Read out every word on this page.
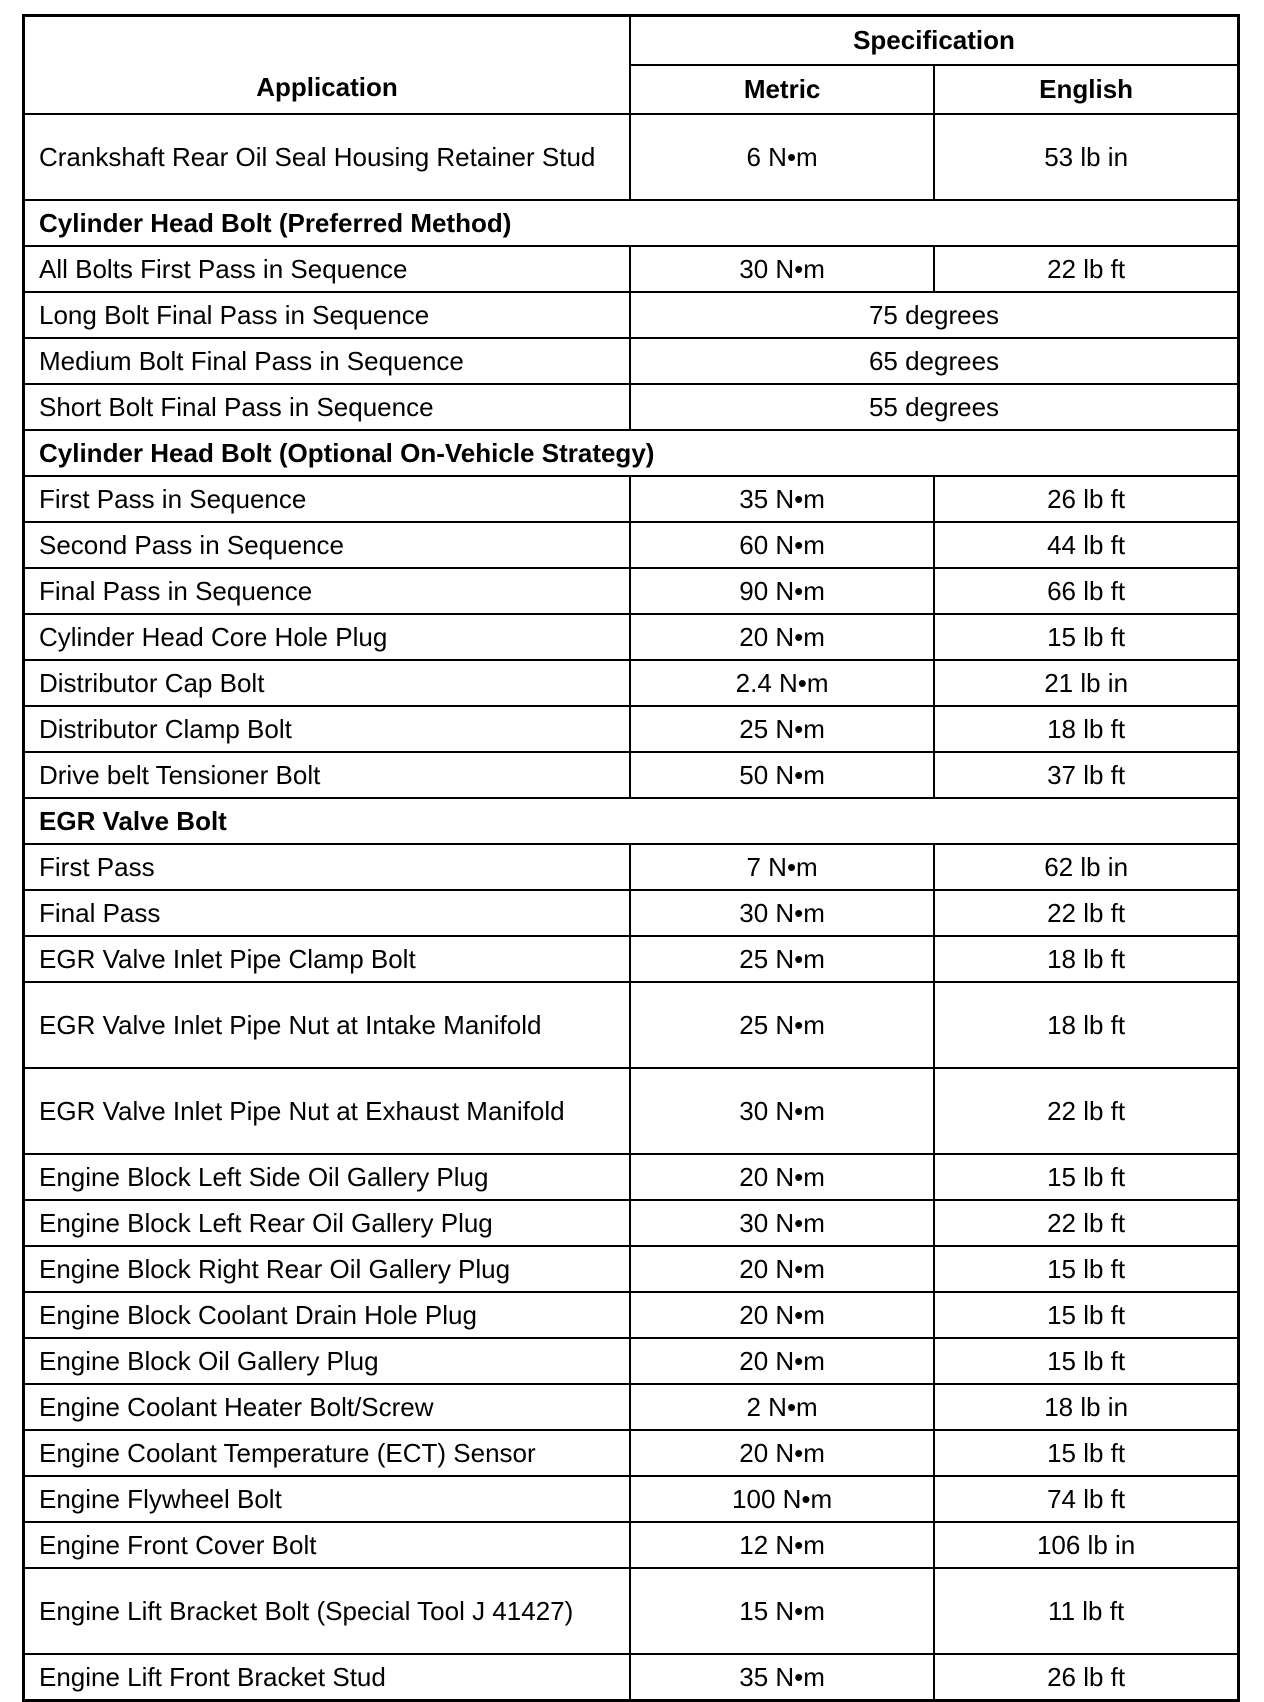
Application	Specification	
	Metric	English
Crankshaft Rear Oil Seal Housing Retainer Stud	6 N•m	53 lb in
Cylinder Head Bolt (Preferred Method)		
All Bolts First Pass in Sequence	30 N•m	22 lb ft
Long Bolt Final Pass in Sequence	75 degrees	
Medium Bolt Final Pass in Sequence	65 degrees	
Short Bolt Final Pass in Sequence	55 degrees	
Cylinder Head Bolt (Optional On-Vehicle Strategy)		
First Pass in Sequence	35 N•m	26 lb ft
Second Pass in Sequence	60 N•m	44 lb ft
Final Pass in Sequence	90 N•m	66 lb ft
Cylinder Head Core Hole Plug	20 N•m	15 lb ft
Distributor Cap Bolt	2.4 N•m	21 lb in
Distributor Clamp Bolt	25 N•m	18 lb ft
Drive belt Tensioner Bolt	50 N•m	37 lb ft
EGR Valve Bolt		
First Pass	7 N•m	62 lb in
Final Pass	30 N•m	22 lb ft
EGR Valve Inlet Pipe Clamp Bolt	25 N•m	18 lb ft
EGR Valve Inlet Pipe Nut at Intake Manifold	25 N•m	18 lb ft
EGR Valve Inlet Pipe Nut at Exhaust Manifold	30 N•m	22 lb ft
Engine Block Left Side Oil Gallery Plug	20 N•m	15 lb ft
Engine Block Left Rear Oil Gallery Plug	30 N•m	22 lb ft
Engine Block Right Rear Oil Gallery Plug	20 N•m	15 lb ft
Engine Block Coolant Drain Hole Plug	20 N•m	15 lb ft
Engine Block Oil Gallery Plug	20 N•m	15 lb ft
Engine Coolant Heater Bolt/Screw	2 N•m	18 lb in
Engine Coolant Temperature (ECT) Sensor	20 N•m	15 lb ft
Engine Flywheel Bolt	100 N•m	74 lb ft
Engine Front Cover Bolt	12 N•m	106 lb in
Engine Lift Bracket Bolt (Special Tool J 41427)	15 N•m	11 lb ft
Engine Lift Front Bracket Stud	35 N•m	26 lb ft
